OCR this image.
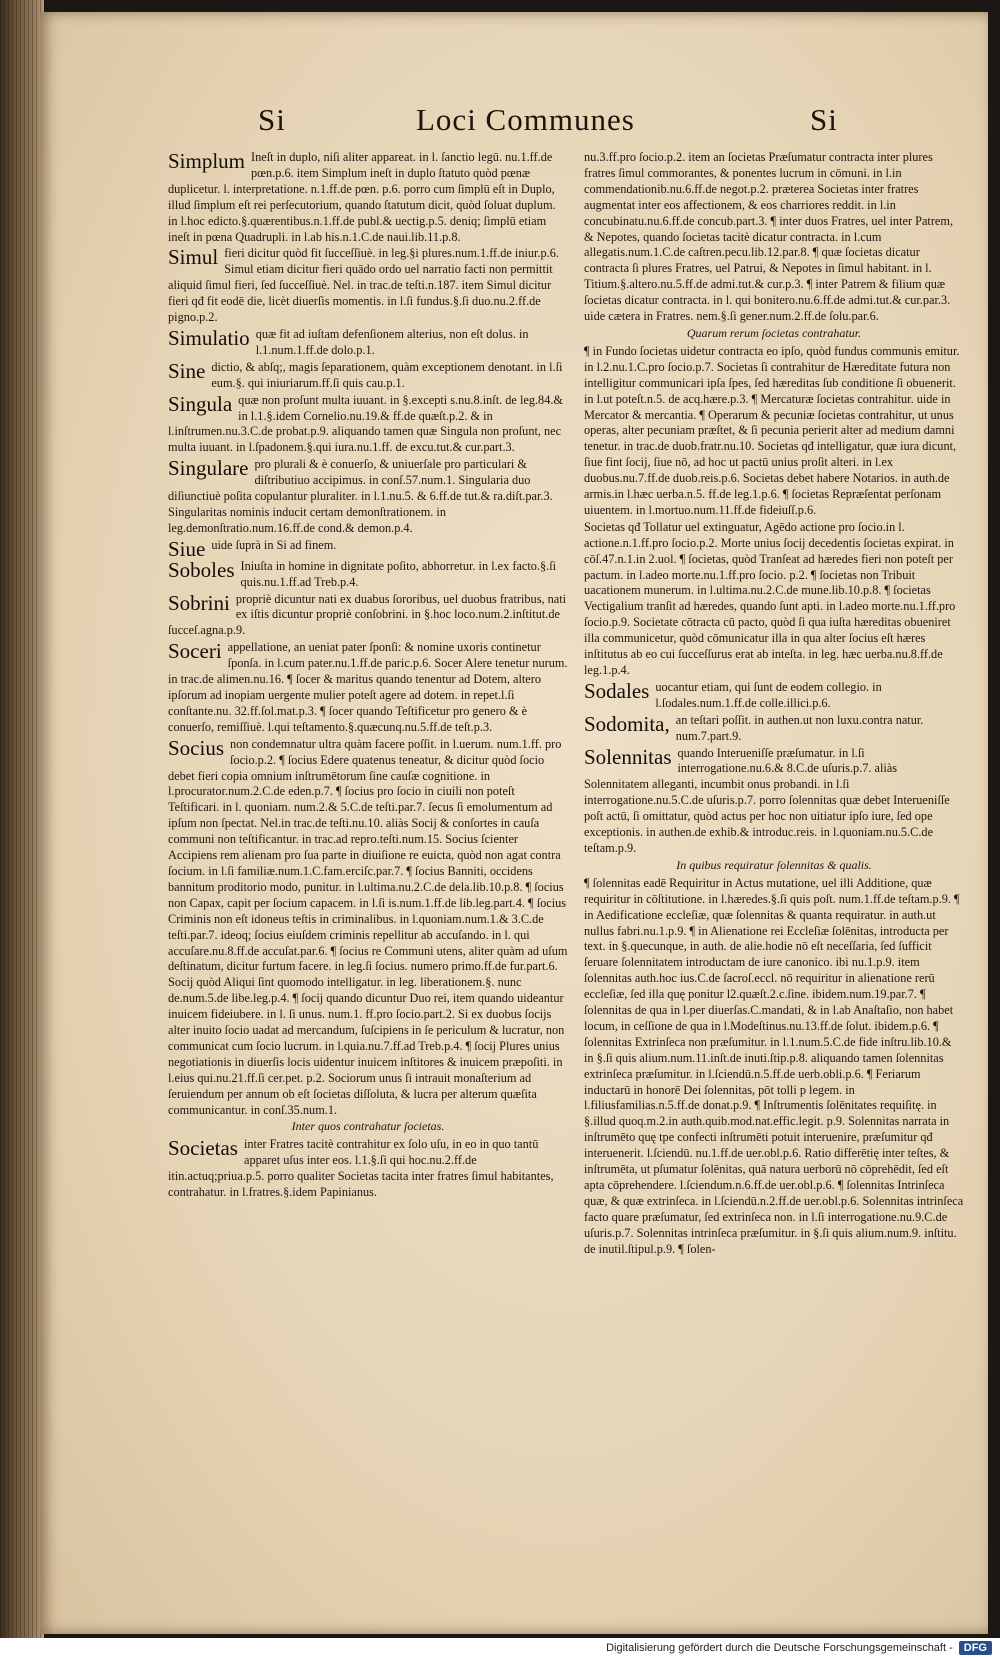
Si	Loci Communes	Si
Simplum Ineſt in duplo, niſi aliter appareat. in l. ſanctio legū. nu.1.ff.de pœn.p.6. item Simplum ineſt in duplo ſtatuto quòd pœnæ duplicetur. l. interpretatione. n.1.ff.de pœn. p.6. porro cum ſimplū eſt in Duplo, illud ſimplum eſt rei perſecutorium, quando ſtatutum dicit, quòd ſoluat duplum. in l.hoc edicto.§.quærentibus.n.1.ff.de publ.& uectig.p.5. deniq; ſimplū etiam ineſt in pœna Quadrupli. in l.ab his.n.1.C.de naui.lib.11.p.8.
Simul fieri dicitur quòd fit ſucceſſiuè. in leg.§i plures.num.1.ff.de iniur.p.6. Simul etiam dicitur fieri quādo ordo uel narratio facti non permittit aliquid ſimul fieri, ſed ſucceſſiuè. Nel. in trac.de teſti.n.187. item Simul dicitur fieri qđ fit eodē die, licèt diuerſis momentis. in l.ſi fundus.§.ſi duo.nu.2.ff.de pigno.p.2.
Simulatio quæ fit ad iuſtam defenſionem alterius, non eſt dolus. in l.1.num.1.ff.de dolo.p.1.
Sine dictio, & abſq;, magis ſeparationem, quàm exceptionem denotant. in l.ſi eum.§. qui iniuriarum.ff.ſi quis cau.p.1.
Singula quæ non proſunt multa iuuant. in §.excepti s.nu.8.inſt. de leg.84.& in l.1.§.idem Cornelio.nu.19.& ff.de quæſt.p.2. & in l.inſtrumen.nu.3.C.de probat.p.9. aliquando tamen quæ Singula non proſunt, nec multa iuuant. in l.ſpadonem.§.qui iura.nu.1.ff. de excu.tut.& cur.part.3.
Singulare pro plurali & è conuerſo, & uniuerſale pro particulari & diſtributiuo accipimus. in conſ.57.num.1. Singularia duo diſiunctiuè poſita copulantur pluraliter. in l.1.nu.5. & 6.ff.de tut.& ra.diſt.par.3. Singularitas nominis inducit certam demonſtrationem. in leg.demonſtratio.num.16.ff.de cond.& demon.p.4.
Siue uide ſuprà in Si ad finem.
Soboles Iniuſta in homine in dignitate poſito, abhorretur. in l.ex facto.§.ſi quis.nu.1.ff.ad Treb.p.4.
Sobrini propriè dicuntur nati ex duabus ſororibus, uel duobus fratribus, nati ex iſtis dicuntur propriè conſobrini. in §.hoc loco.num.2.inſtitut.de ſucceſ.agna.p.9.
Soceri appellatione, an ueniat pater ſponſi: & nomine uxoris continetur ſponſa. in l.cum pater.nu.1.ff.de paric.p.6. Socer Alere tenetur nurum. in trac.de alimen.nu.16. ¶ ſocer & maritus quando tenentur ad Dotem, altero ipſorum ad inopiam uergente mulier poteſt agere ad dotem. in repet.l.ſi conſtante.nu. 32.ff.ſol.mat.p.3. ¶ ſocer quando Teſtificetur pro genero & è conuerſo, remiſſiuè. l.qui teſtamento.§.quæcunq.nu.5.ff.de teſt.p.3.
Socius non condemnatur ultra quàm facere poſſit. in l.uerum. num.1.ff. pro ſocio.p.2. ¶ ſocius Edere quatenus teneatur, & dicitur quòd ſocio debet fieri copia omnium inſtrumētorum ſine cauſæ cognitione. in l.procurator.num.2.C.de eden.p.7. ¶ ſocius pro ſocio in ciuili non poteſt Teſtificari. in l. quoniam. num.2.& 5.C.de teſti.par.7. ſecus ſi emolumentum ad ipſum non ſpectat. Nel.in trac.de teſti.nu.10. aliàs Socij & conſortes in cauſa communi non teſtificantur. in trac.ad repro.teſti.num.15. Socius ſcienter Accipiens rem alienam pro ſua parte in diuiſione re euicta, quòd non agat contra ſocium. in l.ſi familiæ.num.1.C.fam.erciſc.par.7. ¶ ſocius Banniti, occidens bannitum proditorio modo, punitur. in l.ultima.nu.2.C.de dela.lib.10.p.8. ¶ ſocius non Capax, capit per ſocium capacem. in l.ſi is.num.1.ff.de lib.leg.part.4. ¶ ſocius Criminis non eſt idoneus teſtis in criminalibus. in l.quoniam.num.1.& 3.C.de teſti.par.7. ideoq; ſocius eiuſdem criminis repellitur ab accuſando. in l. qui accuſare.nu.8.ff.de accuſat.par.6. ¶ ſocius re Communi utens, aliter quàm ad uſum deſtinatum, dicitur furtum facere. in leg.ſi ſocius. numero primo.ff.de fur.part.6. Socij quòd Aliqui ſint quomodo intelligatur. in leg. liberationem.§. nunc de.num.5.de libe.leg.p.4. ¶ ſocij quando dicuntur Duo rei, item quando uideantur inuicem fideiubere. in l. ſi unus. num.1. ff.pro ſocio.part.2. Si ex duobus ſocijs alter inuito ſocio uadat ad mercandum, ſuſcipiens in ſe periculum & lucratur, non communicat cum ſocio lucrum. in l.quia.nu.7.ff.ad Treb.p.4. ¶ ſocij Plures unius negotiationis in diuerſis locis uidentur inuicem inſtitores & inuicem præpoſiti. in l.eius qui.nu.21.ff.ſi cer.pet. p.2. Sociorum unus ſi intrauit monaſterium ad ſeruiendum per annum ob eſt ſocietas diſſoluta, & lucra per alterum quæſita communicantur. in conſ.35.num.1.
Inter quos contrahatur ſocietas.
Societas inter Fratres tacitè contrahitur ex ſolo uſu, in eo in quo tantū apparet uſus inter eos. l.1.§.ſi qui hoc.nu.2.ff.de itin.actuq;priua.p.5. porro qualiter Societas tacita inter fratres ſimul habitantes, contrahatur. in l.fratres.§.idem Papinianus.
nu.3.ff.pro ſocio.p.2. item an ſocietas Præſumatur contracta inter plures fratres ſimul commorantes, & ponentes lucrum in cōmuni. in l.in commendationib.nu.6.ff.de negot.p.2. præterea Societas inter fratres augmentat inter eos affectionem, & eos charriores reddit. in l.in concubinatu.nu.6.ff.de concub.part.3. ¶ inter duos Fratres, uel inter Patrem, & Nepotes, quando ſocietas tacitè dicatur contracta. in l.cum allegatis.num.1.C.de caſtren.pecu.lib.12.par.8. ¶ quæ ſocietas dicatur contracta ſi plures Fratres, uel Patrui, & Nepotes in ſimul habitant. in l. Titium.§.altero.nu.5.ff.de admi.tut.& cur.p.3. ¶ inter Patrem & filium quæ ſocietas dicatur contracta. in l. qui bonitero.nu.6.ff.de admi.tut.& cur.par.3. uide cætera in Fratres. nem.§.ſi gener.num.2.ff.de ſolu.par.6.
Quarum rerum ſocietas contrahatur.
¶ in Fundo ſocietas uidetur contracta eo ipſo, quòd fundus communis emitur. in l.2.nu.1.C.pro ſocio.p.7. Societas ſi contrahitur de Hæreditate futura non intelligitur communicari ipſa ſpes, ſed hæreditas ſub conditione ſi obuenerit. in l.ut poteſt.n.5. de acq.hære.p.3. ¶ Mercaturæ ſocietas contrahitur. uide in Mercator & mercantia. ¶ Operarum & pecuniæ ſocietas contrahitur, ut unus operas, alter pecuniam præſtet, & ſi pecunia perierit alter ad medium damni tenetur. in trac.de duob.fratr.nu.10. Societas qđ intelligatur, quæ iura dicunt, ſiue fint ſocij, ſiue nō, ad hoc ut pactū unius proſit alteri. in l.ex duobus.nu.7.ff.de duob.reis.p.6. Societas debet habere Notarios. in auth.de armis.in l.hæc uerba.n.5. ff.de leg.1.p.6. ¶ ſocietas Repræſentat perſonam uiuentem. in l.mortuo.num.11.ff.de fideiuſſ.p.6.
Societas qđ Tollatur uel extinguatur, Agēdo actione pro ſocio.in l. actione.n.1.ff.pro ſocio.p.2. Morte unius ſocij decedentis ſocietas expirat. in cōſ.47.n.1.in 2.uol. ¶ ſocietas, quòd Tranſeat ad hæredes fieri non poteſt per pactum. in l.adeo morte.nu.1.ff.pro ſocio. p.2. ¶ ſocietas non Tribuit uacationem munerum. in l.ultima.nu.2.C.de mune.lib.10.p.8. ¶ ſocietas Vectigalium tranſit ad hæredes, quando ſunt apti. in l.adeo morte.nu.1.ff.pro ſocio.p.9. Societate cōtracta cū pacto, quòd ſi qua iuſta hæreditas obueniret illa communicetur, quòd cōmunicatur illa in qua alter ſocius eſt hæres inſtitutus ab eo cui ſucceſſurus erat ab inteſta. in leg. hæc uerba.nu.8.ff.de leg.1.p.4.
Sodales uocantur etiam, qui ſunt de eodem collegio. in l.ſodales.num.1.ff.de colle.illici.p.6.
Sodomita, an teſtari poſſit. in authen.ut non luxu.contra natur. num.7.part.9.
Solennitas quando Interueniſſe præſumatur. in l.ſi interrogatione.nu.6.& 8.C.de uſuris.p.7. aliàs Solennitatem alleganti, incumbit onus probandi. in l.ſi interrogatione.nu.5.C.de uſuris.p.7. porro ſolennitas quæ debet Interueniſſe poſt actū, ſi omittatur, quòd actus per hoc non uitiatur ipſo iure, ſed ope exceptionis. in authen.de exhib.& introduc.reis. in l.quoniam.nu.5.C.de teſtam.p.9.
In quibus requiratur ſolennitas & qualis.
¶ ſolennitas eadē Requiritur in Actus mutatione, uel illi Additione, quæ requiritur in cōſtitutione. in l.hæredes.§.ſi quis poſt. num.1.ff.de teſtam.p.9. ¶ in Aedificatione eccleſiæ, quæ ſolennitas & quanta requiratur. in auth.ut nullus fabri.nu.1.p.9. ¶ in Alienatione rei Eccleſiæ ſolēnitas, introducta per text. in §.quecunque, in auth. de alie.hodie nō eſt neceſſaria, ſed ſufficit ſeruare ſolennitatem introductam de iure canonico. ibi nu.1.p.9. item ſolennitas auth.hoc ius.C.de ſacroſ.eccl. nō requiritur in alienatione rerū eccleſiæ, ſed illa quę ponitur l2.quæſt.2.c.ſine. ibidem.num.19.par.7. ¶ ſolennitas de qua in l.per diuerſas.C.mandati, & in l.ab Anaſtaſio, non habet locum, in ceſſione de qua in l.Modeſtinus.nu.13.ff.de ſolut. ibidem.p.6. ¶ ſolennitas Extrinſeca non præſumitur. in l.1.num.5.C.de fide inſtru.lib.10.& in §.ſi quis alium.num.11.inſt.de inuti.ſtip.p.8. aliquando tamen ſolennitas extrinſeca præſumitur. in l.ſciendū.n.5.ff.de uerb.obli.p.6. ¶ Feriarum inductarū in honorē Dei ſolennitas, pōt tolli p legem. in l.filiusfamilias.n.5.ff.de donat.p.9. ¶ Inſtrumentis ſolēnitates requiſitę. in §.illud quoq.m.2.in auth.quib.mod.nat.effic.legit. p.9. Solennitas narrata in inſtrumēto quę tpe confecti inſtrumēti potuit interuenire, præſumitur qđ interuenerit. l.ſciendū. nu.1.ff.de uer.obl.p.6. Ratio differētię inter teſtes, & inſtrumēta, ut pſumatur ſolēnitas, quā natura uerborū nō cōprehēdit, ſed eſt apta cōprehendere. l.ſciendum.n.6.ff.de uer.obl.p.6. ¶ ſolennitas Intrinſeca quæ, & quæ extrinſeca. in l.ſciendū.n.2.ff.de uer.obl.p.6. Solennitas intrinſeca facto quare præſumatur, ſed extrinſeca non. in l.ſi interrogatione.nu.9.C.de uſuris.p.7. Solennitas intrinſeca præſumitur. in §.ſi quis alium.num.9. inſtitu. de inutil.ſtipul.p.9. ¶ ſolen-
Digitalisierung gefördert durch die Deutsche Forschungsgemeinschaft -	DFG
